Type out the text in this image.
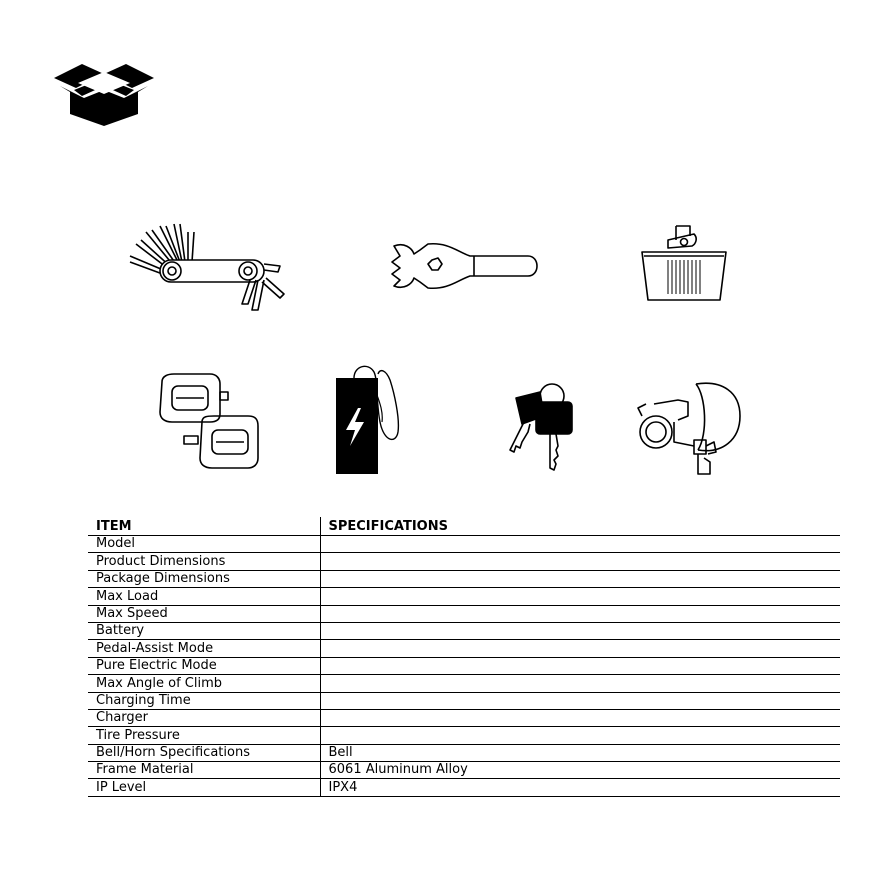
ITEM	SPECIFICATIONS
Model	
Product Dimensions	
Package Dimensions	
Max Load	
Max Speed	
Battery	
Pedal-Assist Mode	
Pure Electric Mode	
Max Angle of Climb	
Charging Time	
Charger	
Tire Pressure	
Bell/Horn Specifications	Bell
Frame Material	6061 Aluminum Alloy
IP Level	IPX4
